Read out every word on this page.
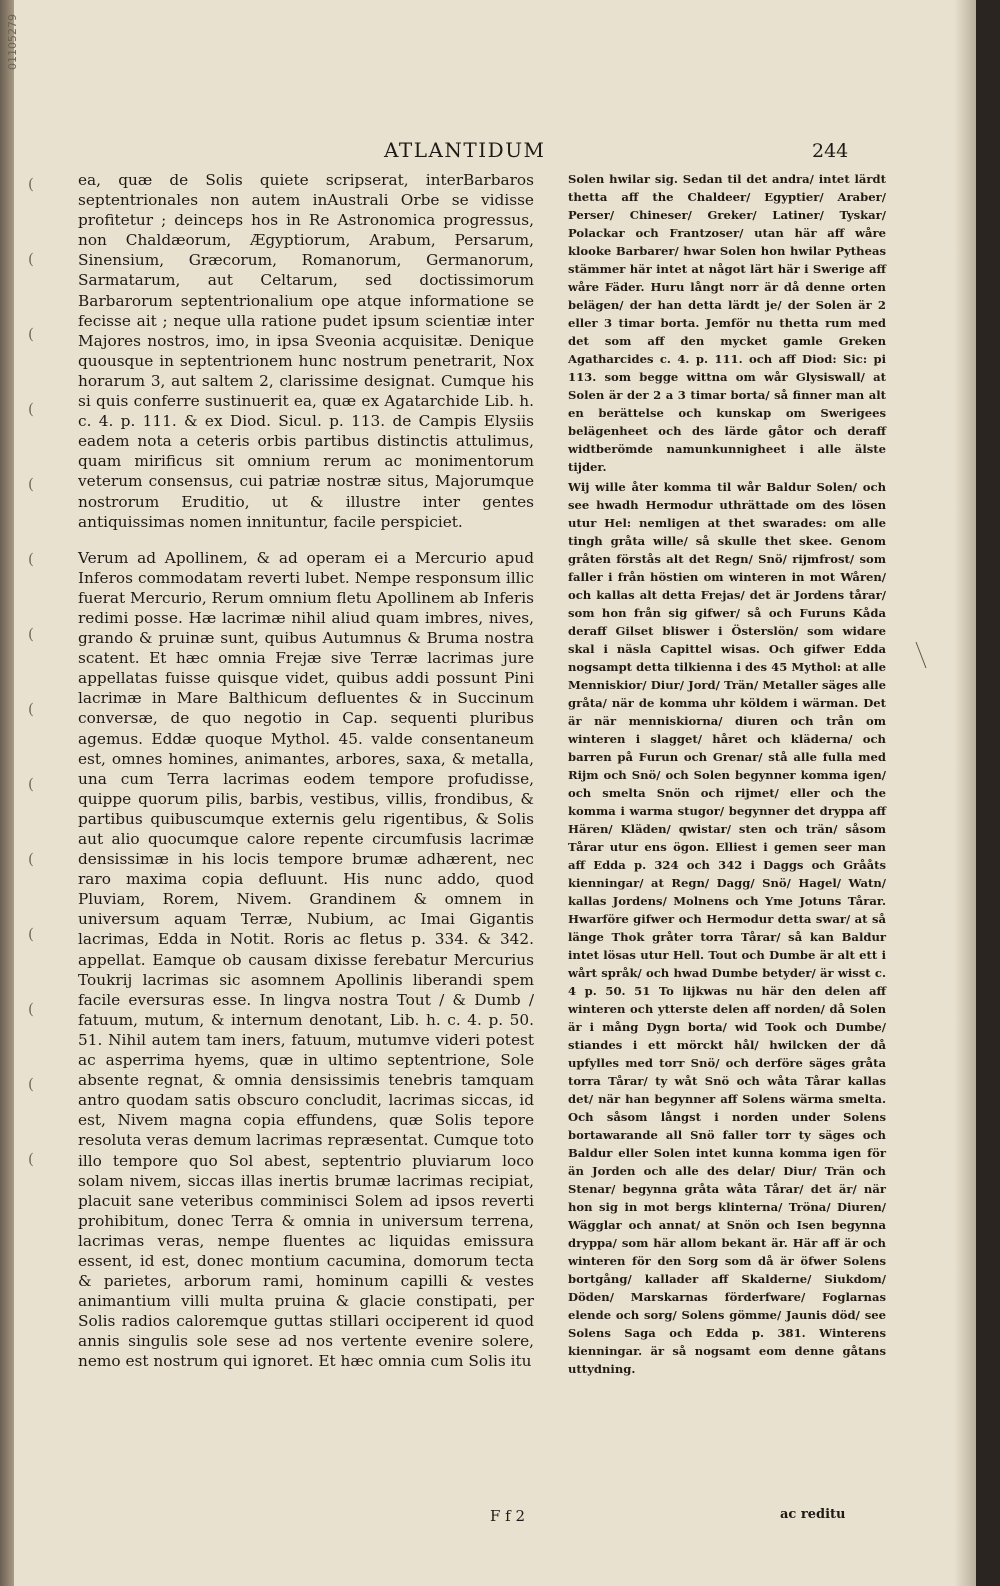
01105279
(
(
(
(
(
(
(
(
(
(
(
(
(
(
ATLANTIDUM	244

ea, quæ de Solis quiete scripserat, interBarbaros septentrionales non autem inAustrali Orbe se vidisse profitetur ; deinceps hos in Re Astronomica progressus, non Chaldæorum, Ægyptiorum, Arabum, Persarum, Sinensium, Græcorum, Romanorum, Germanorum, Sarmatarum, aut Celtarum, sed doctissimorum Barbarorum septentrionalium ope atque informatione se fecisse ait ; neque ulla ratione pudet ipsum scientiæ inter Majores nostros, imo, in ipsa Sveonia acquisitæ. Denique quousque in septentrionem hunc nostrum penetrarit, Nox horarum 3, aut saltem 2, clarissime designat. Cumque his si quis conferre sustinuerit ea, quæ ex Agatarchide Lib. h. c. 4. p. 111. & ex Diod. Sicul. p. 113. de Campis Elysiis eadem nota a ceteris orbis partibus distinctis attulimus, quam mirificus sit omnium rerum ac monimentorum veterum consensus, cui patriæ nostræ situs, Majorumque nostrorum Eruditio, ut & illustre inter gentes antiquissimas nomen innituntur, facile perspiciet.

Verum ad Apollinem, & ad operam ei a Mercurio apud Inferos commodatam reverti lubet. Nempe responsum illic fuerat Mercurio, Rerum omnium fletu Apollinem ab Inferis redimi posse. Hæ lacrimæ nihil aliud quam imbres, nives, grando & pruinæ sunt, quibus Autumnus & Bruma nostra scatent. Et hæc omnia Frejæ sive Terræ lacrimas jure appellatas fuisse quisque videt, quibus addi possunt Pini lacrimæ in Mare Balthicum defluentes & in Succinum conversæ, de quo negotio in Cap. sequenti pluribus agemus. Eddæ quoque Mythol. 45. valde consentaneum est, omnes homines, animantes, arbores, saxa, & metalla, una cum Terra lacrimas eodem tempore profudisse, quippe quorum pilis, barbis, vestibus, villis, frondibus, & partibus quibuscumque externis gelu rigentibus, & Solis aut alio quocumque calore repente circumfusis lacrimæ densissimæ in his locis tempore brumæ adhærent, nec raro maxima copia defluunt. His nunc addo, quod Pluviam, Rorem, Nivem. Grandinem & omnem in universum aquam Terræ, Nubium, ac Imai Gigantis lacrimas, Edda in Notit. Roris ac fletus p. 334. & 342. appellat. Eamque ob causam dixisse ferebatur Mercurius Toukrij lacrimas sic asomnem Apollinis liberandi spem facile eversuras esse. In lingva nostra Tout / & Dumb / fatuum, mutum, & internum denotant, Lib. h. c. 4. p. 50. 51. Nihil autem tam iners, fatuum, mutumve videri potest ac asperrima hyems, quæ in ultimo septentrione, Sole absente regnat, & omnia densissimis tenebris tamquam antro quodam satis obscuro concludit, lacrimas siccas, id est, Nivem magna copia effundens, quæ Solis tepore resoluta veras demum lacrimas repræsentat. Cumque toto illo tempore quo Sol abest, septentrio pluviarum loco solam nivem, siccas illas inertis brumæ lacrimas recipiat, placuit sane veteribus comminisci Solem ad ipsos reverti prohibitum, donec Terra & omnia in universum terrena, lacrimas veras, nempe fluentes ac liquidas emissura essent, id est, donec montium cacumina, domorum tecta & parietes, arborum rami, hominum capilli & vestes animantium villi multa pruina & glacie constipati, per Solis radios caloremque guttas stillari occiperent id quod annis singulis sole sese ad nos vertente evenire solere, nemo est nostrum qui ignoret. Et hæc omnia cum Solis itu

Solen hwilar sig. Sedan til det andra/ intet lärdt thetta aff the Chaldeer/ Egyptier/ Araber/ Perser/ Chineser/ Greker/ Latiner/ Tyskar/ Polackar och Frantzoser/ utan här aff wåre klooke Barbarer/ hwar Solen hon hwilar Pytheas stämmer här intet at något lärt här i Swerige aff wåre Fäder. Huru långt norr är då denne orten belägen/ der han detta lärdt je/ der Solen är 2 eller 3 timar borta. Jemför nu thetta rum med det som aff den mycket gamle Greken Agatharcides c. 4. p. 111. och aff Diod: Sic: pi 113. som begge wittna om wår Glysiswall/ at Solen är der 2 a 3 timar borta/ så finner man alt en berättelse och kunskap om Swerigees belägenheet och des lärde gåtor och deraff widtberömde namunkunnigheet i alle älste tijder.

Wij wille åter komma til wår Baldur Solen/ och see hwadh Hermodur uthrättade om des lösen utur Hel: nemligen at thet swarades: om alle tingh gråta wille/ så skulle thet skee. Genom gråten förstås alt det Regn/ Snö/ rijmfrost/ som faller i från höstien om winteren in mot Wåren/ och kallas alt detta Frejas/ det är Jordens tårar/ som hon från sig gifwer/ så och Furuns Kåda deraff Gilset bliswer i Österslön/ som widare skal i näsla Capittel wisas. Och gifwer Edda nogsampt detta tilkienna i des 45 Mythol: at alle Menniskior/ Diur/ Jord/ Trän/ Metaller säges alle gråta/ när de komma uhr köldem i wärman. Det är när menniskiorna/ diuren och trån om winteren i slagget/ håret och kläderna/ och barren på Furun och Grenar/ stå alle fulla med Rijm och Snö/ och Solen begynner komma igen/ och smelta Snön och rijmet/ eller och the komma i warma stugor/ begynner det dryppa aff Hären/ Kläden/ qwistar/ sten och trän/ såsom Tårar utur ens ögon. Elliest i gemen seer man aff Edda p. 324 och 342 i Daggs och Grååts kienningar/ at Regn/ Dagg/ Snö/ Hagel/ Watn/ kallas Jordens/ Molnens och Yme Jotuns Tårar. Hwarföre gifwer och Hermodur detta swar/ at så länge Thok gråter torra Tårar/ så kan Baldur intet lösas utur Hell. Tout och Dumbe är alt ett i wårt språk/ och hwad Dumbe betyder/ är wisst c. 4 p. 50. 51 To lijkwas nu här den delen aff winteren och ytterste delen aff norden/ då Solen är i mång Dygn borta/ wid Took och Dumbe/ stiandes i ett mörckt hål/ hwilcken der då upfylles med torr Snö/ och derföre säges gråta torra Tårar/ ty wåt Snö och wåta Tårar kallas det/ när han begynner aff Solens wärma smelta. Och såsom långst i norden under Solens bortawarande all Snö faller torr ty säges och Baldur eller Solen intet kunna komma igen för än Jorden och alle des delar/ Diur/ Trän och Stenar/ begynna gråta wåta Tårar/ det är/ när hon sig in mot bergs klinterna/ Tröna/ Diuren/ Wägglar och annat/ at Snön och Isen begynna dryppa/ som här allom bekant är. Här aff är och winteren för den Sorg som då är öfwer Solens bortgång/ kallader aff Skalderne/ Siukdom/ Döden/ Marskarnas förderfware/ Foglarnas elende och sorg/ Solens gömme/ Jaunis död/ see Solens Saga och Edda p. 381. Winterens kienningar. är så nogsamt eom denne gåtans uttydning.

F f 2	ac reditu
